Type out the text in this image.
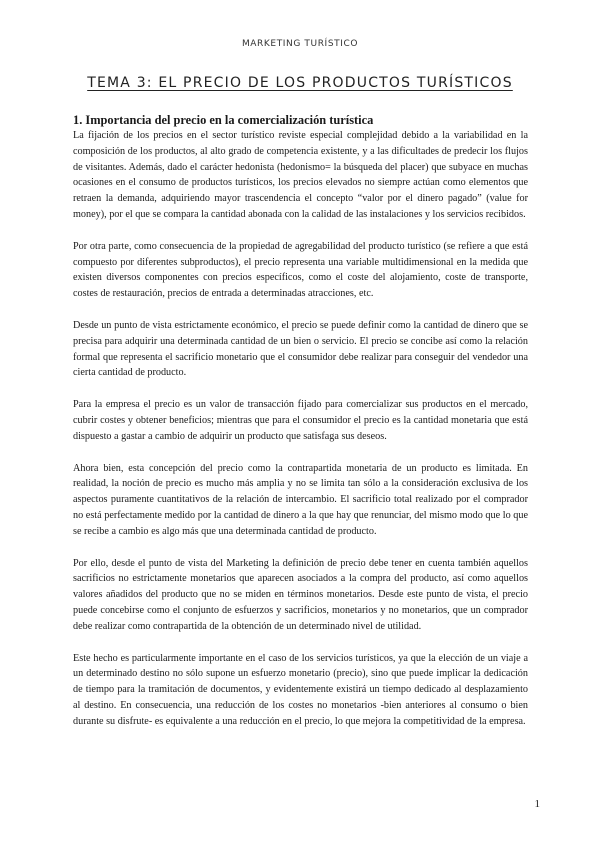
MARKETING TURÍSTICO
TEMA 3: EL PRECIO DE LOS PRODUCTOS TURÍSTICOS
1. Importancia del precio en la comercialización turística

La fijación de los precios en el sector turístico reviste especial complejidad debido a la variabilidad en la composición de los productos, al alto grado de competencia existente, y a las dificultades de predecir los flujos de visitantes. Además, dado el carácter hedonista (hedonismo= la búsqueda del placer) que subyace en muchas ocasiones en el consumo de productos turísticos, los precios elevados no siempre actúan como elementos que retraen la demanda, adquiriendo mayor trascendencia el concepto “valor por el dinero pagado” (value for money), por el que se compara la cantidad abonada con la calidad de las instalaciones y los servicios recibidos.

Por otra parte, como consecuencia de la propiedad de agregabilidad del producto turístico (se refiere a que está compuesto por diferentes subproductos), el precio representa una variable multidimensional en la medida que existen diversos componentes con precios específicos, como el coste del alojamiento, coste de transporte, costes de restauración, precios de entrada a determinadas atracciones, etc.

Desde un punto de vista estrictamente económico, el precio se puede definir como la cantidad de dinero que se precisa para adquirir una determinada cantidad de un bien o servicio. El precio se concibe así como la relación formal que representa el sacrificio monetario que el consumidor debe realizar para conseguir del vendedor una cierta cantidad de producto.

Para la empresa el precio es un valor de transacción fijado para comercializar sus productos en el mercado, cubrir costes y obtener beneficios; mientras que para el consumidor el precio es la cantidad monetaria que está dispuesto a gastar a cambio de adquirir un producto que satisfaga sus deseos.

Ahora bien, esta concepción del precio como la contrapartida monetaria de un producto es limitada. En realidad, la noción de precio es mucho más amplia y no se limita tan sólo a la consideración exclusiva de los aspectos puramente cuantitativos de la relación de intercambio. El sacrificio total realizado por el comprador no está perfectamente medido por la cantidad de dinero a la que hay que renunciar, del mismo modo que lo que se recibe a cambio es algo más que una determinada cantidad de producto.

Por ello, desde el punto de vista del Marketing la definición de precio debe tener en cuenta también aquellos sacrificios no estrictamente monetarios que aparecen asociados a la compra del producto, así como aquellos valores añadidos del producto que no se miden en términos monetarios. Desde este punto de vista, el precio puede concebirse como el conjunto de esfuerzos y sacrificios, monetarios y no monetarios, que un comprador debe realizar como contrapartida de la obtención de un determinado nivel de utilidad.

Este hecho es particularmente importante en el caso de los servicios turísticos, ya que la elección de un viaje a un determinado destino no sólo supone un esfuerzo monetario (precio), sino que puede implicar la dedicación de tiempo para la tramitación de documentos, y evidentemente existirá un tiempo dedicado al desplazamiento al destino. En consecuencia, una reducción de los costes no monetarios -bien anteriores al consumo o bien durante su disfrute- es equivalente a una reducción en el precio, lo que mejora la competitividad de la empresa.

1
